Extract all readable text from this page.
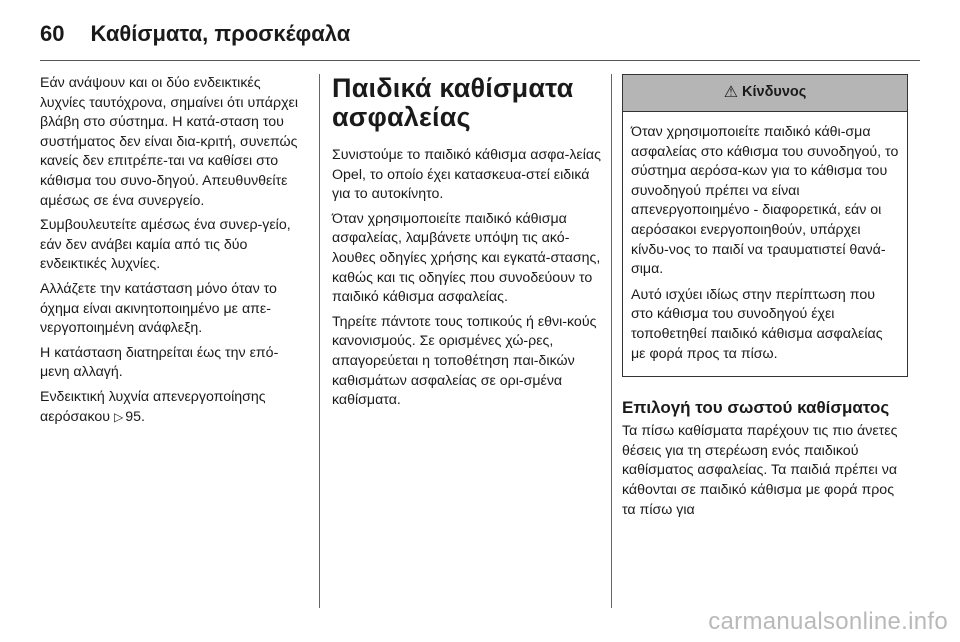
60 Καθίσματα, προσκέφαλα

Εάν ανάψουν και οι δύο ενδεικτικές λυχνίες ταυτόχρονα, σημαίνει ότι υπάρχει βλάβη στο σύστημα. Η κατά-σταση του συστήματος δεν είναι δια-κριτή, συνεπώς κανείς δεν επιτρέπε-ται να καθίσει στο κάθισμα του συνο-δηγού. Απευθυνθείτε αμέσως σε ένα συνεργείο.

Συμβουλευτείτε αμέσως ένα συνερ-γείο, εάν δεν ανάβει καμία από τις δύο ενδεικτικές λυχνίες.

Αλλάζετε την κατάσταση μόνο όταν το όχημα είναι ακινητοποιημένο με απε-νεργοποιημένη ανάφλεξη.

Η κατάσταση διατηρείται έως την επό-μενη αλλαγή.

Ενδεικτική λυχνία απενεργοποίησης αερόσακου ▷ 95.

Παιδικά καθίσματα ασφαλείας

Συνιστούμε το παιδικό κάθισμα ασφα-λείας Opel, το οποίο έχει κατασκευα-στεί ειδικά για το αυτοκίνητο.

Όταν χρησιμοποιείτε παιδικό κάθισμα ασφαλείας, λαμβάνετε υπόψη τις ακό-λουθες οδηγίες χρήσης και εγκατά-στασης, καθώς και τις οδηγίες που συνοδεύουν το παιδικό κάθισμα ασφαλείας.

Τηρείτε πάντοτε τους τοπικούς ή εθνι-κούς κανονισμούς. Σε ορισμένες χώ-ρες, απαγορεύεται η τοποθέτηση παι-δικών καθισμάτων ασφαλείας σε ορι-σμένα καθίσματα.

⚠ Κίνδυνος

Όταν χρησιμοποιείτε παιδικό κάθι-σμα ασφαλείας στο κάθισμα του συνοδηγού, το σύστημα αερόσα-κων για το κάθισμα του συνοδηγού πρέπει να είναι απενεργοποιημένο - διαφορετικά, εάν οι αερόσακοι ενεργοποιηθούν, υπάρχει κίνδυ-νος το παιδί να τραυματιστεί θανά-σιμα.

Αυτό ισχύει ιδίως στην περίπτωση που στο κάθισμα του συνοδηγού έχει τοποθετηθεί παιδικό κάθισμα ασφαλείας με φορά προς τα πίσω.

Επιλογή του σωστού καθίσματος

Τα πίσω καθίσματα παρέχουν τις πιο άνετες θέσεις για τη στερέωση ενός παιδικού καθίσματος ασφαλείας. Τα παιδιά πρέπει να κάθονται σε παιδικό κάθισμα με φορά προς τα πίσω για

carmanualsonline.info
